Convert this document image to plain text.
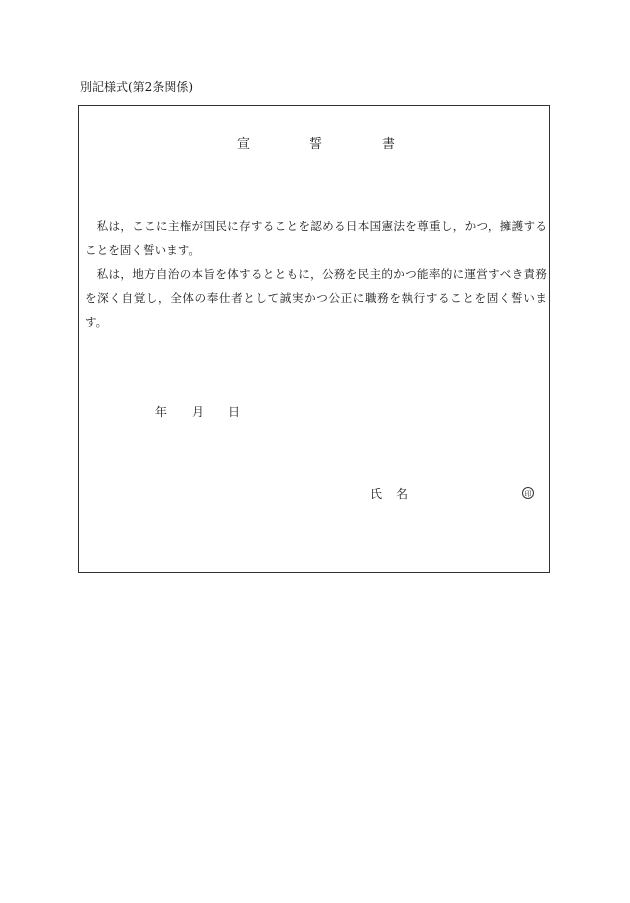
別記様式(第2条関係)
宣	誓	書

私は，ここに主権が国民に存することを認める日本国憲法を尊重し，かつ，擁護することを固く誓います。

私は，地方自治の本旨を体するとともに，公務を民主的かつ能率的に運営すべき責務を深く自覚し，全体の奉仕者として誠実かつ公正に職務を執行することを固く誓います。

年 月 日
氏 名	印
